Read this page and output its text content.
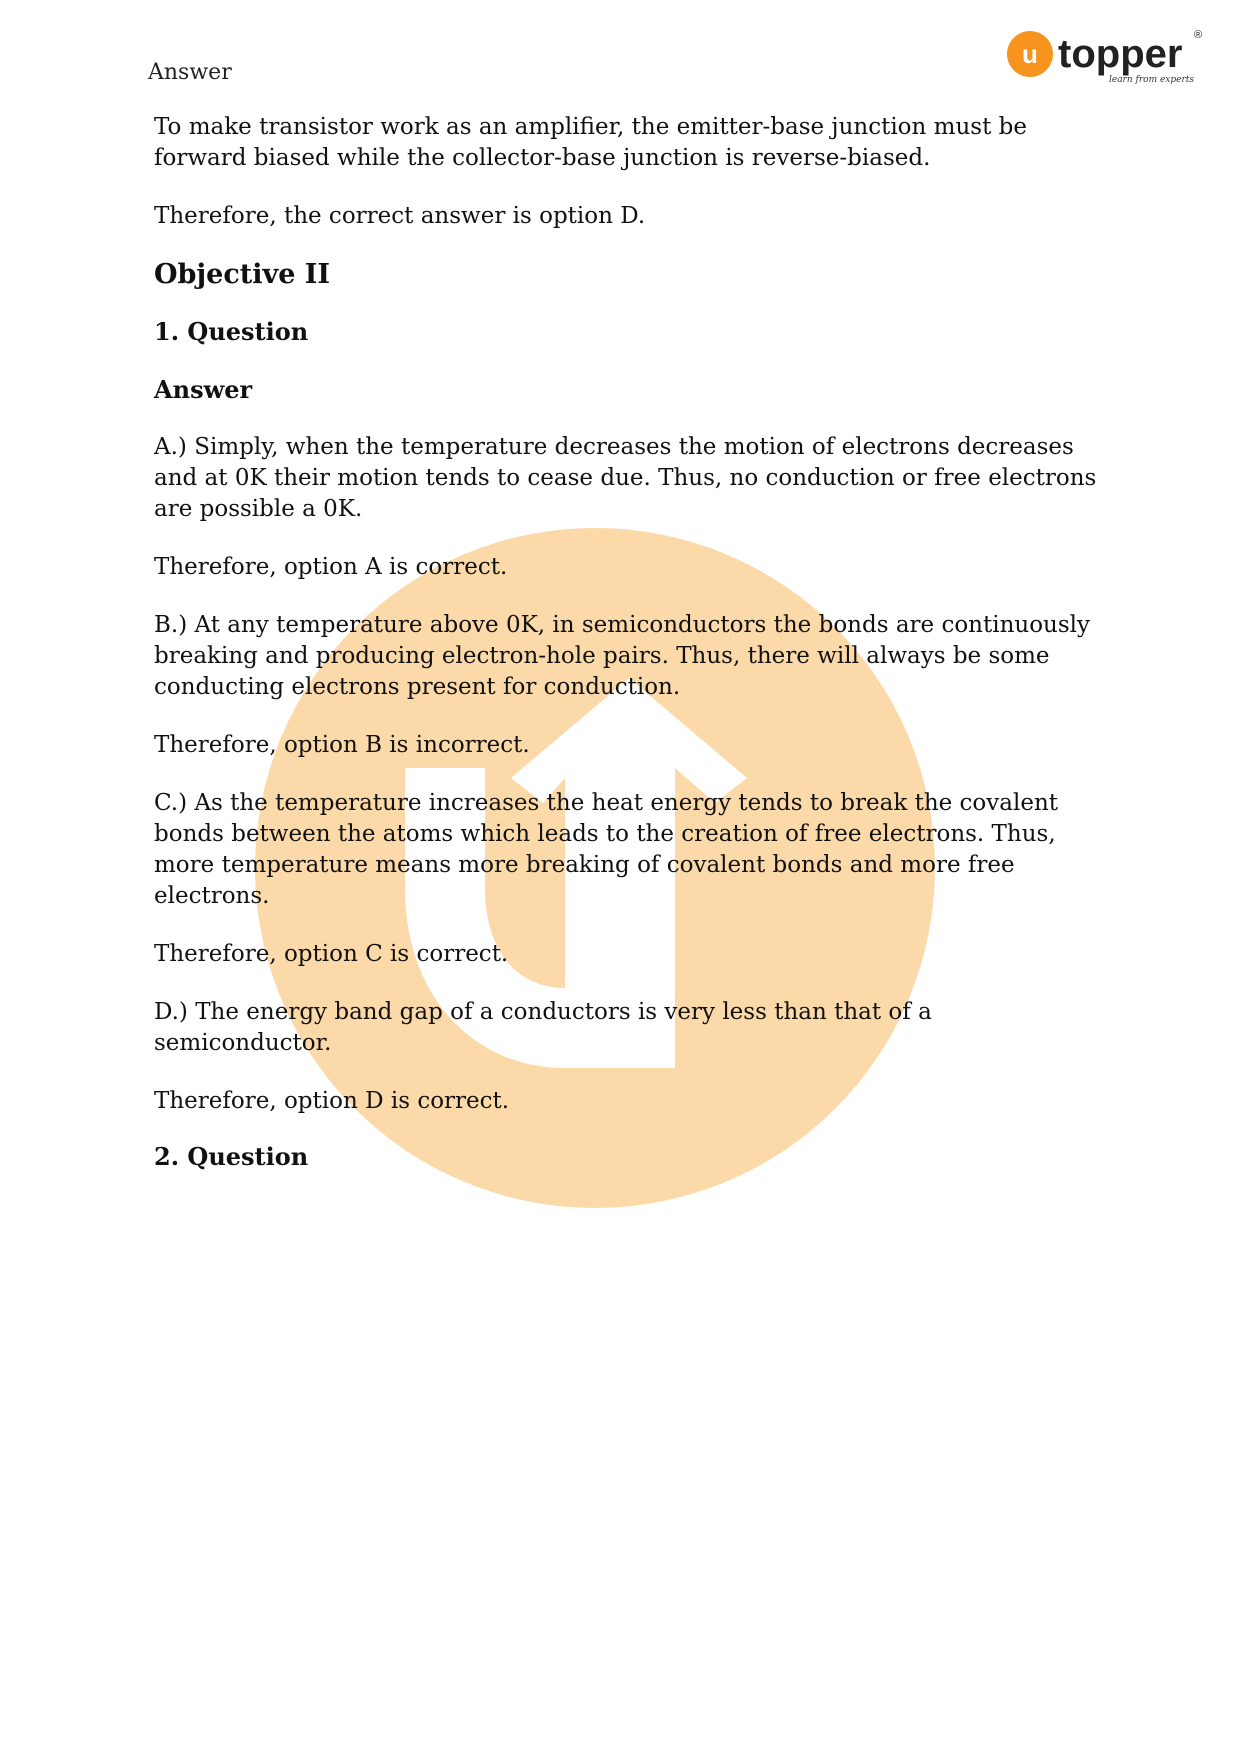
Answer
u topper ®
learn from experts

To make transistor work as an amplifier, the emitter-base junction must be forward biased while the collector-base junction is reverse-biased.

Therefore, the correct answer is option D.

Objective II

1. Question

Answer

A.) Simply, when the temperature decreases the motion of electrons decreases and at 0K their motion tends to cease due. Thus, no conduction or free electrons are possible a 0K.

Therefore, option A is correct.

B.) At any temperature above 0K, in semiconductors the bonds are continuously breaking and producing electron-hole pairs. Thus, there will always be some conducting electrons present for conduction.

Therefore, option B is incorrect.

C.) As the temperature increases the heat energy tends to break the covalent bonds between the atoms which leads to the creation of free electrons. Thus, more temperature means more breaking of covalent bonds and more free electrons.

Therefore, option C is correct.

D.) The energy band gap of a conductors is very less than that of a semiconductor.

Therefore, option D is correct.

2. Question
